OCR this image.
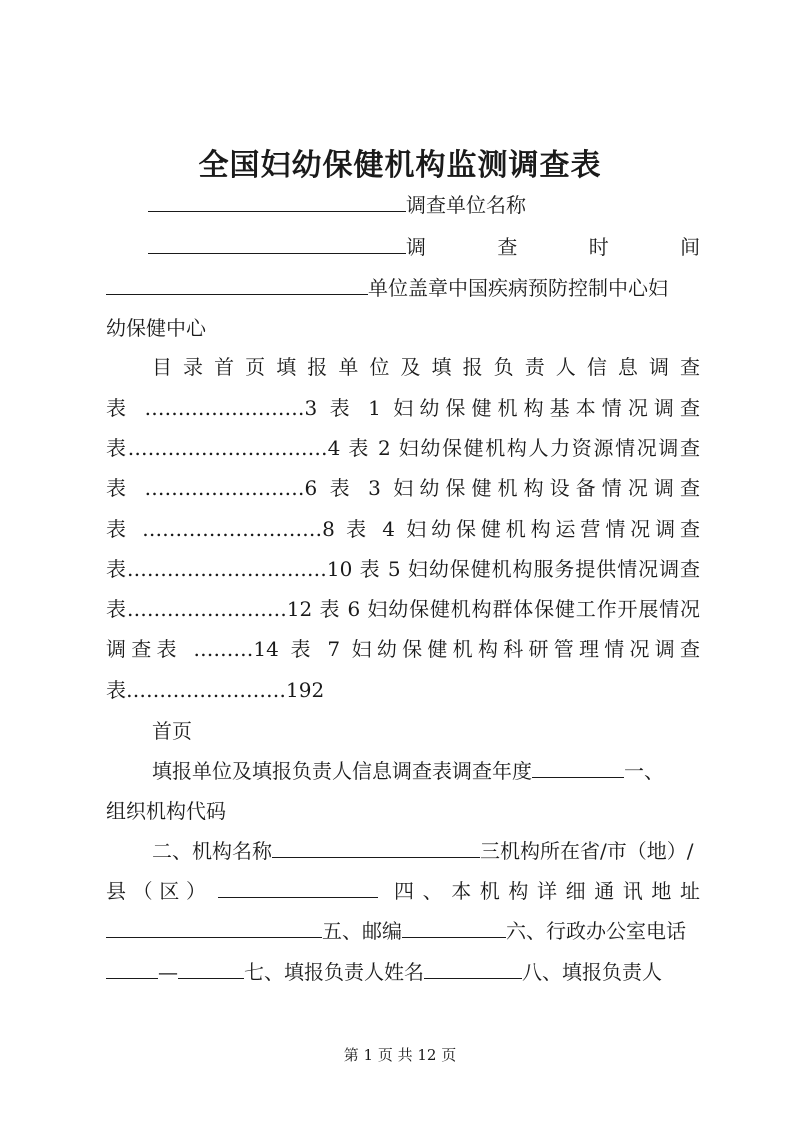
全国妇幼保健机构监测调查表
调查单位名称
调 查 时 间
单位盖章中国疾病预防控制中心妇
幼保健中心
目录首页填报单位及填报负责人信息调查
表 ……………………3 表 1 妇幼保健机构基本情况调查
表…………………………4 表 2 妇幼保健机构人力资源情况调查
表 ……………………6 表 3 妇幼保健机构设备情况调查
表 ………………………8 表 4 妇幼保健机构运营情况调查
表…………………………10 表 5 妇幼保健机构服务提供情况调查
表……………………12 表 6 妇幼保健机构群体保健工作开展情况
调查表 ………14 表 7 妇幼保健机构科研管理情况调查
表……………………192
首页
填报单位及填报负责人信息调查表调查年度	一、
组织机构代码
二、机构名称	三机构所在省/市（地）/
县（区）	四、本机构详细通讯地址
五、邮编	六、行政办公室电话
—	七、填报负责人姓名	八、填报负责人
第 1 页 共 12 页
